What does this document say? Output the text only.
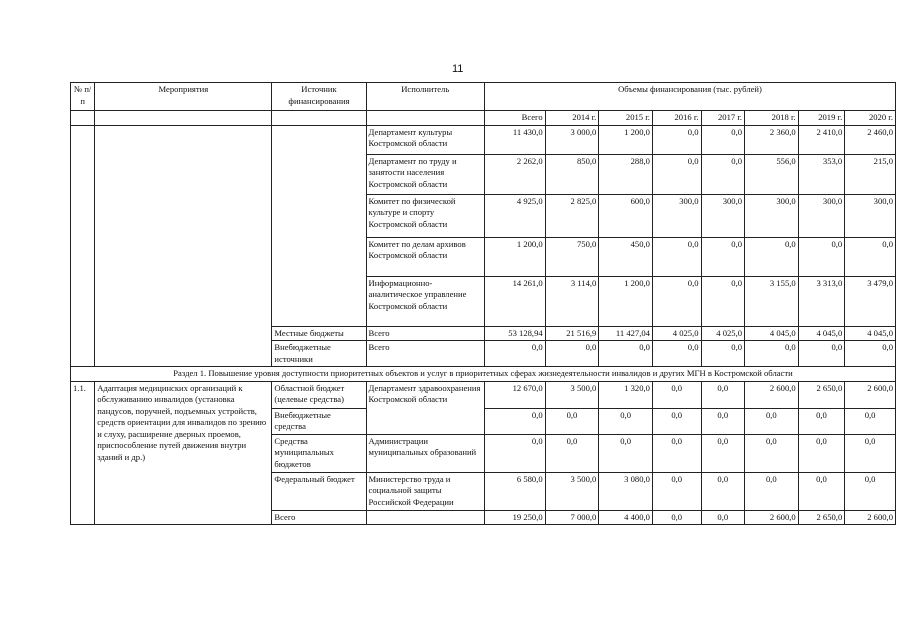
11
№ п/п	Мероприятия	Источник финансирования	Исполнитель	Объемы финансирования (тыс. рублей)							
				Всего	2014 г.	2015 г.	2016 г.	2017 г.	2018 г.	2019 г.	2020 г.
			Департамент культуры Костромской области	11 430,0	3 000,0	1 200,0	0,0	0,0	2 360,0	2 410,0	2 460,0
			Департамент по труду и занятости населения Костромской области	2 262,0	850,0	288,0	0,0	0,0	556,0	353,0	215,0
			Комитет по физической культуре и спорту Костромской области	4 925,0	2 825,0	600,0	300,0	300,0	300,0	300,0	300,0
			Комитет по делам архивов Костромской области	1 200,0	750,0	450,0	0,0	0,0	0,0	0,0	0,0
			Информационно-аналитическое управление Костромской области	14 261,0	3 114,0	1 200,0	0,0	0,0	3 155,0	3 313,0	3 479,0
		Местные бюджеты	Всего	53 128,94	21 516,9	11 427,04	4 025,0	4 025,0	4 045,0	4 045,0	4 045,0
		Внебюджетные источники	Всего	0,0	0,0	0,0	0,0	0,0	0,0	0,0	0,0
Раздел 1. Повышение уровня доступности приоритетных объектов и услуг в приоритетных сферах жизнедеятельности инвалидов и других МГН в Костромской области											
1.1.	Адаптация медицинских организаций к обслуживанию инвалидов (установка пандусов, поручней, подъемных устройств, средств ориентации для инвалидов по зрению и слуху, расширение дверных проемов, приспособление путей движения внутри зданий и др.)	Областной бюджет (целевые средства)	Департамент здравоохранения Костромской области	12 670,0	3 500,0	1 320,0	0,0	0,0	2 600,0	2 650,0	2 600,0
		Внебюджетные средства		0,0	0,0	0,0	0,0	0,0	0,0	0,0	0,0
		Средства муниципальных бюджетов	Администрации муниципальных образований	0,0	0,0	0,0	0,0	0,0	0,0	0,0	0,0
		Федеральный бюджет	Министерство труда и социальной защиты Российской Федерации	6 580,0	3 500,0	3 080,0	0,0	0,0	0,0	0,0	0,0
		Всего		19 250,0	7 000,0	4 400,0	0,0	0,0	2 600,0	2 650,0	2 600,0
